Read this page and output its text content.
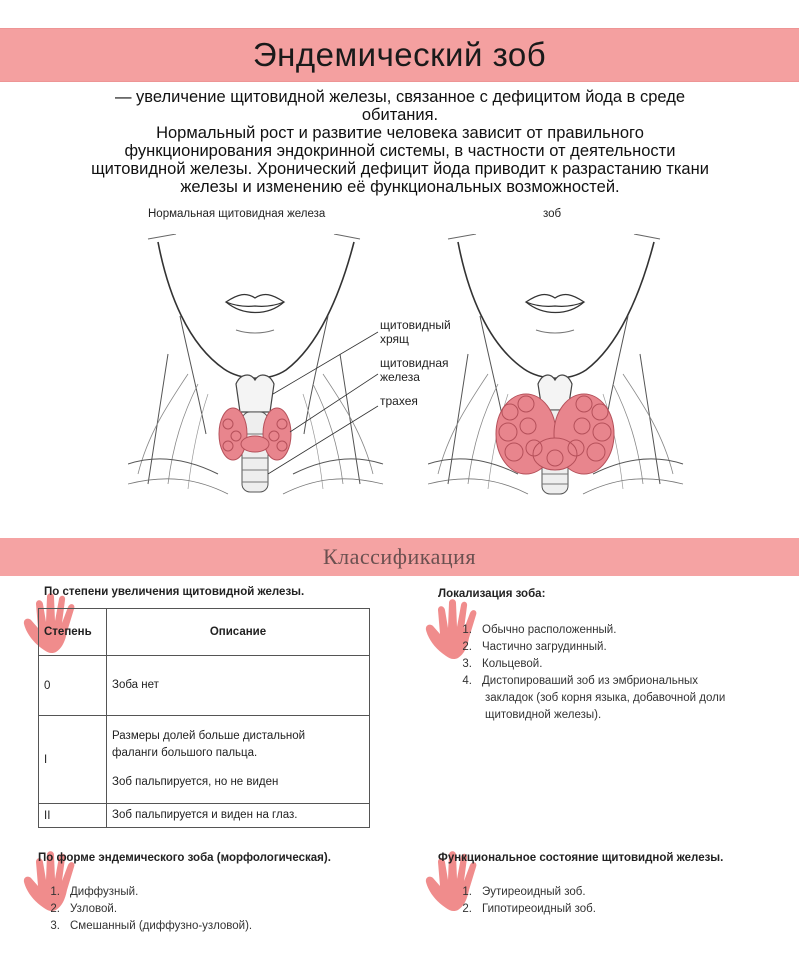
Эндемический зоб
— увеличение щитовидной железы, связанное с дефицитом йода в среде
обитания.
Нормальный рост и развитие человека зависит от правильного
функционирования эндокринной системы, в частности от деятельности
щитовидной железы. Хронический дефицит йода приводит к разрастанию ткани
железы и изменению её функциональных возможностей.
Нормальная щитовидная железа	зоб
щитовидный
хрящ
щитовидная
железа
трахея
Классификация
По степени увеличения щитовидной железы.
Степень	Описание
0	Зоба нет
I	Размеры долей больше дистальной
фаланги большого пальца.
Зоб пальпируется, но не виден

II	Зоб пальпируется и виден на глаз.
Локализация зоба:
1. Обычно расположенный.
2. Частично загрудинный.
3. Кольцевой.
4. Дистопироваший зоб из эмбриональных
закладок (зоб корня языка, добавочной доли
щитовидной железы).
По форме эндемического зоба (морфологическая).
1. Диффузный.
2. Узловой.
3. Смешанный (диффузно-узловой).
Функциональное состояние щитовидной железы.
1. Эутиреоидный зоб.
2. Гипотиреоидный зоб.
